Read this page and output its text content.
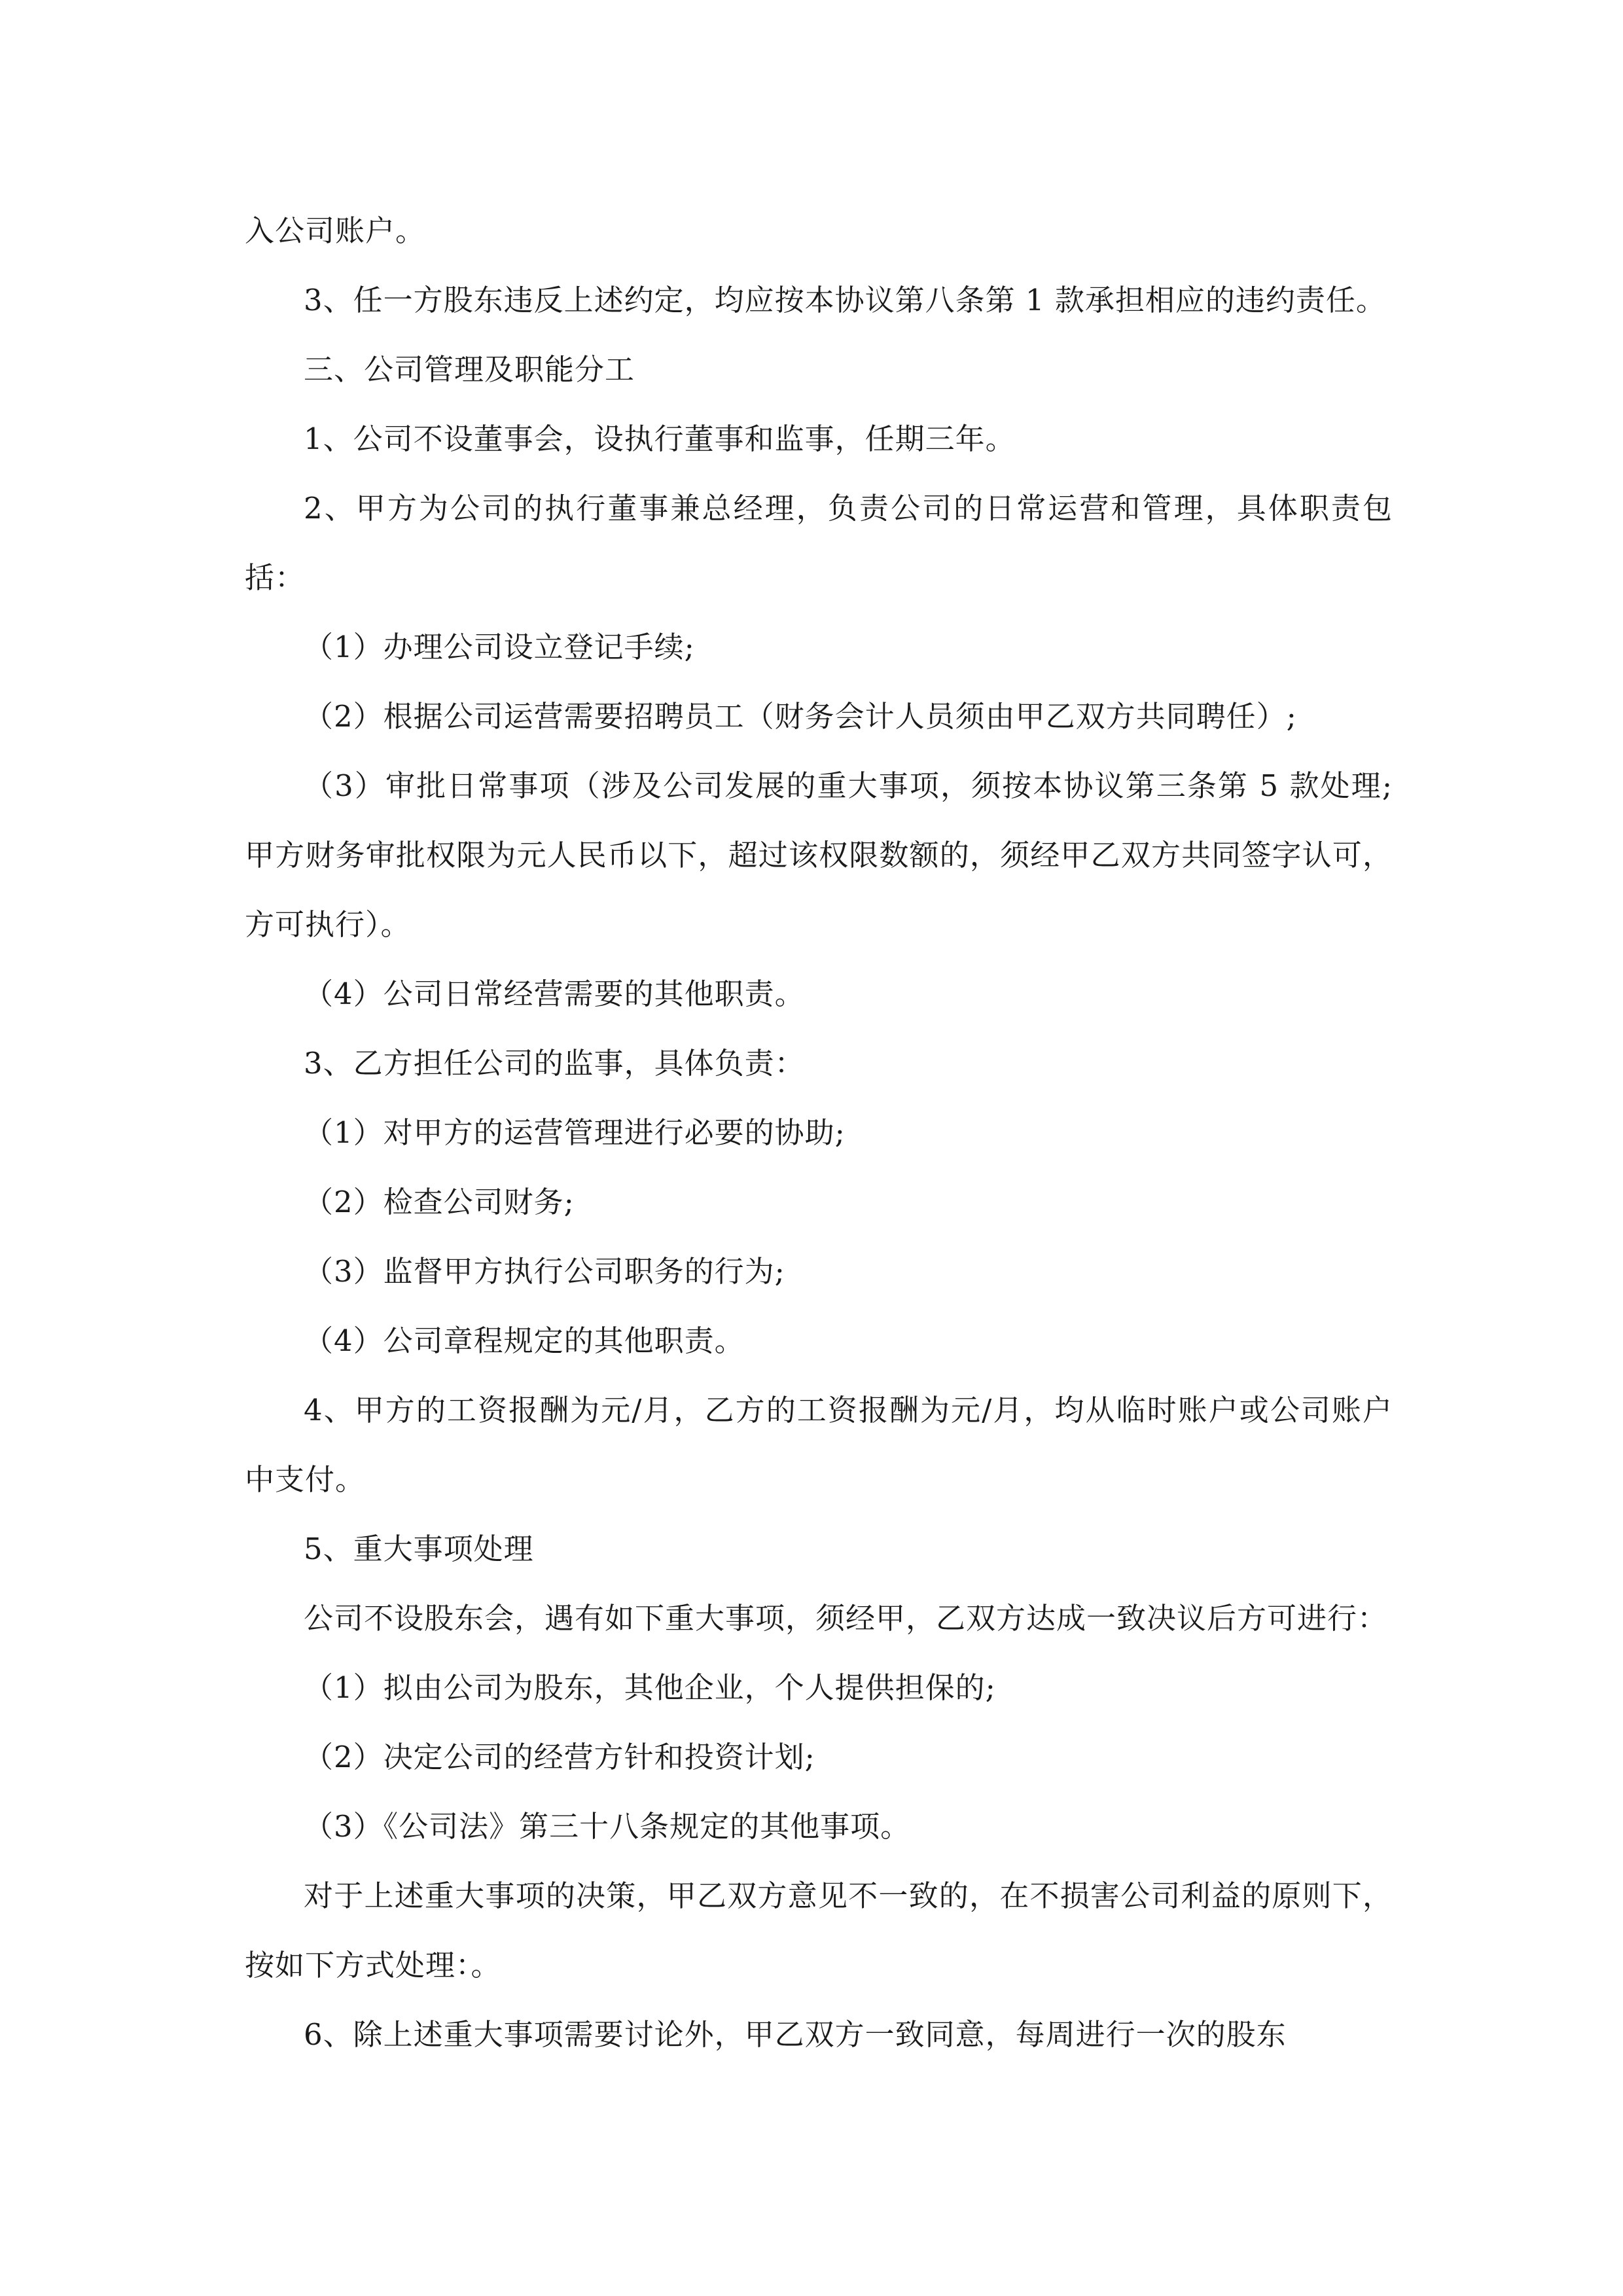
入公司账户。

3、任一方股东违反上述约定，均应按本协议第八条第 1 款承担相应的违约责任。

三、公司管理及职能分工

1、公司不设董事会，设执行董事和监事，任期三年。

2、甲方为公司的执行董事兼总经理，负责公司的日常运营和管理，具体职责包括：

（1）办理公司设立登记手续;

（2）根据公司运营需要招聘员工（财务会计人员须由甲乙双方共同聘任）;

（3）审批日常事项（涉及公司发展的重大事项，须按本协议第三条第 5 款处理;甲方财务审批权限为元人民币以下，超过该权限数额的，须经甲乙双方共同签字认可，方可执行）。

（4）公司日常经营需要的其他职责。

3、乙方担任公司的监事，具体负责：

（1）对甲方的运营管理进行必要的协助;

（2）检查公司财务;

（3）监督甲方执行公司职务的行为;

（4）公司章程规定的其他职责。

4、甲方的工资报酬为元/月，乙方的工资报酬为元/月，均从临时账户或公司账户中支付。

5、重大事项处理

公司不设股东会，遇有如下重大事项，须经甲，乙双方达成一致决议后方可进行：

（1）拟由公司为股东，其他企业，个人提供担保的;

（2）决定公司的经营方针和投资计划;

（3）《公司法》第三十八条规定的其他事项。

对于上述重大事项的决策，甲乙双方意见不一致的，在不损害公司利益的原则下，按如下方式处理：。

6、除上述重大事项需要讨论外，甲乙双方一致同意，每周进行一次的股东
